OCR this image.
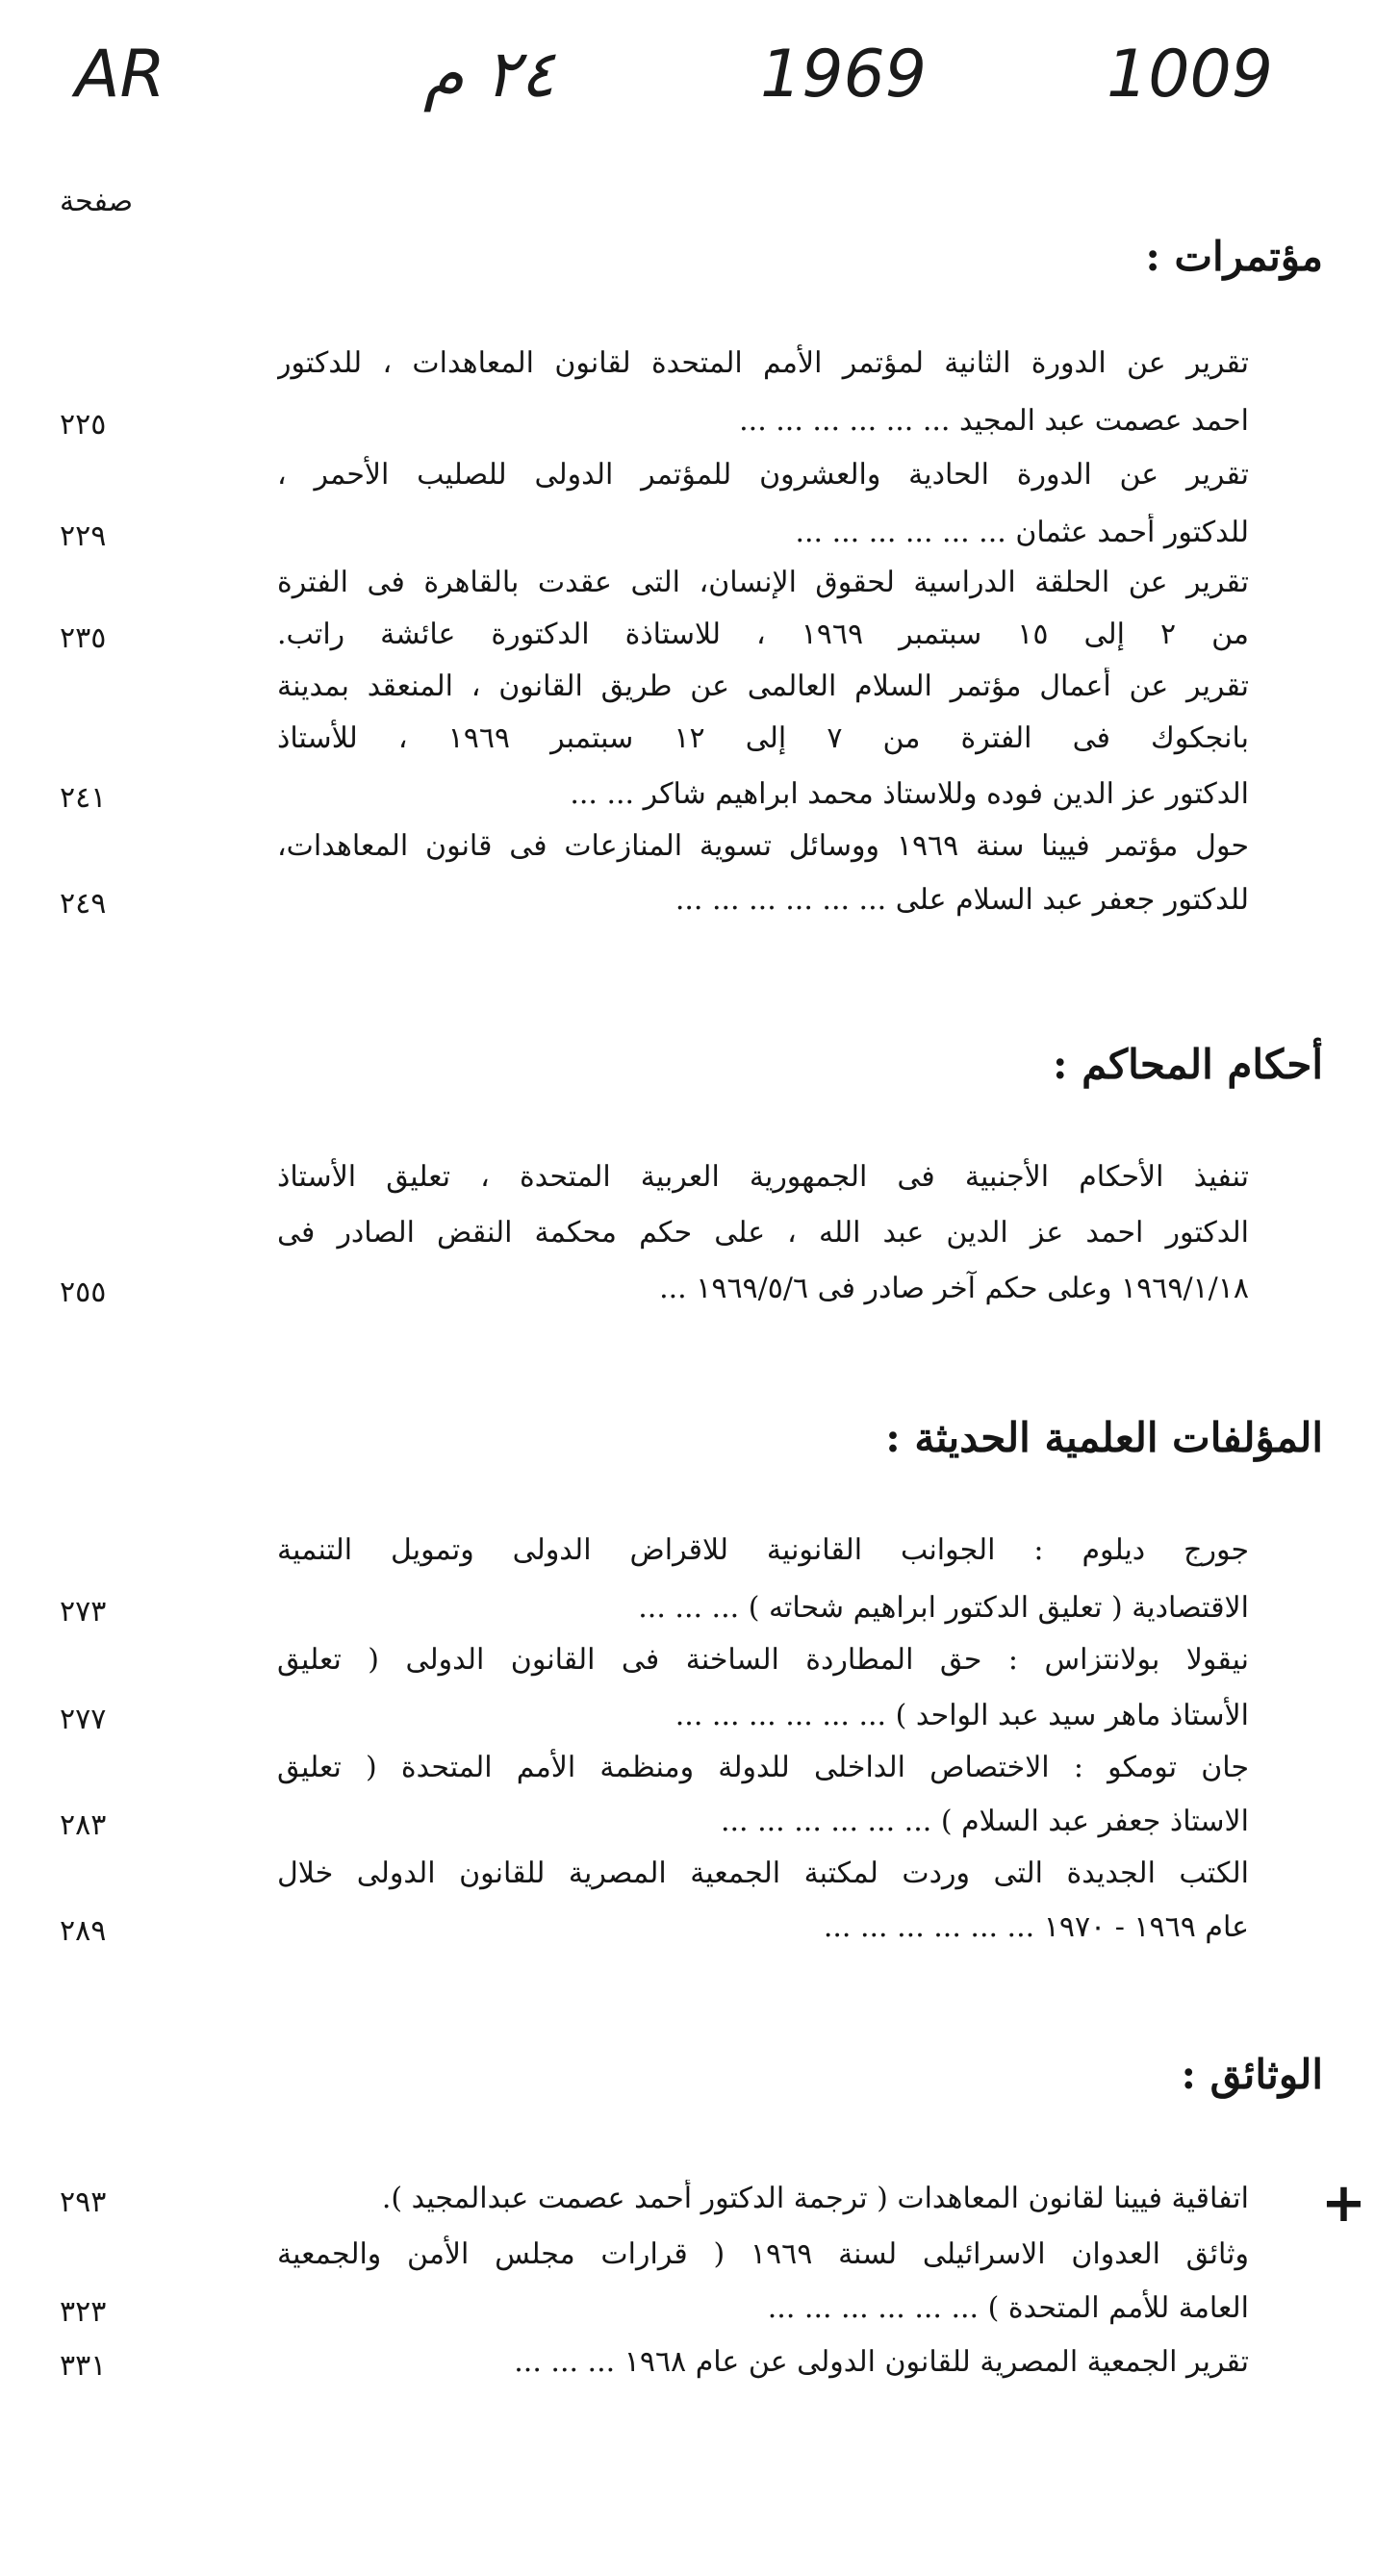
AR	٢٤ م	1969	1009
صفحة
مؤتمرات :
تقرير عن الدورة الثانية لمؤتمر الأمم المتحدة لقانون المعاهدات ، للدكتور
احمد عصمت عبد المجيد ... ... ... ... ... ...
٢٢٥
تقرير عن الدورة الحادية والعشرون للمؤتمر الدولى للصليب الأحمر ،
للدكتور أحمد عثمان ... ... ... ... ... ...
٢٢٩
تقرير عن الحلقة الدراسية لحقوق الإنسان، التى عقدت بالقاهرة فى الفترة
من ٢ إلى ١٥ سبتمبر ١٩٦٩ ، للاستاذة الدكتورة عائشة راتب.
٢٣٥
تقرير عن أعمال مؤتمر السلام العالمى عن طريق القانون ، المنعقد بمدينة
بانجكوك فى الفترة من ٧ إلى ١٢ سبتمبر ١٩٦٩ ، للأستاذ
الدكتور عز الدين فوده وللاستاذ محمد ابراهيم شاكر ... ...
٢٤١
حول مؤتمر فيينا سنة ١٩٦٩ ووسائل تسوية المنازعات فى قانون المعاهدات،
للدكتور جعفر عبد السلام على ... ... ... ... ... ...
٢٤٩
أحكام المحاكم :
تنفيذ الأحكام الأجنبية فى الجمهورية العربية المتحدة ، تعليق الأستاذ
الدكتور احمد عز الدين عبد الله ، على حكم محكمة النقض الصادر فى
١٩٦٩/١/١٨ وعلى حكم آخر صادر فى ١٩٦٩/٥/٦ ...
٢٥٥
المؤلفات العلمية الحديثة :
جورج ديلوم : الجوانب القانونية للاقراض الدولى وتمويل التنمية
الاقتصادية ( تعليق الدكتور ابراهيم شحاته ) ... ... ...
٢٧٣
نيقولا بولانتزاس : حق المطاردة الساخنة فى القانون الدولى ( تعليق
الأستاذ ماهر سيد عبد الواحد ) ... ... ... ... ... ...
٢٧٧
جان تومكو : الاختصاص الداخلى للدولة ومنظمة الأمم المتحدة ( تعليق
الاستاذ جعفر عبد السلام ) ... ... ... ... ... ...
٢٨٣
الكتب الجديدة التى وردت لمكتبة الجمعية المصرية للقانون الدولى خلال
عام ١٩٦٩ - ١٩٧٠ ... ... ... ... ... ...
٢٨٩
الوثائق :
اتفاقية فيينا لقانون المعاهدات ( ترجمة الدكتور أحمد عصمت عبدالمجيد ).
٢٩٣
وثائق العدوان الاسرائيلى لسنة ١٩٦٩ ( قرارات مجلس الأمن والجمعية
العامة للأمم المتحدة ) ... ... ... ... ... ...
٣٢٣
تقرير الجمعية المصرية للقانون الدولى عن عام ١٩٦٨ ... ... ...
٣٣١
+
